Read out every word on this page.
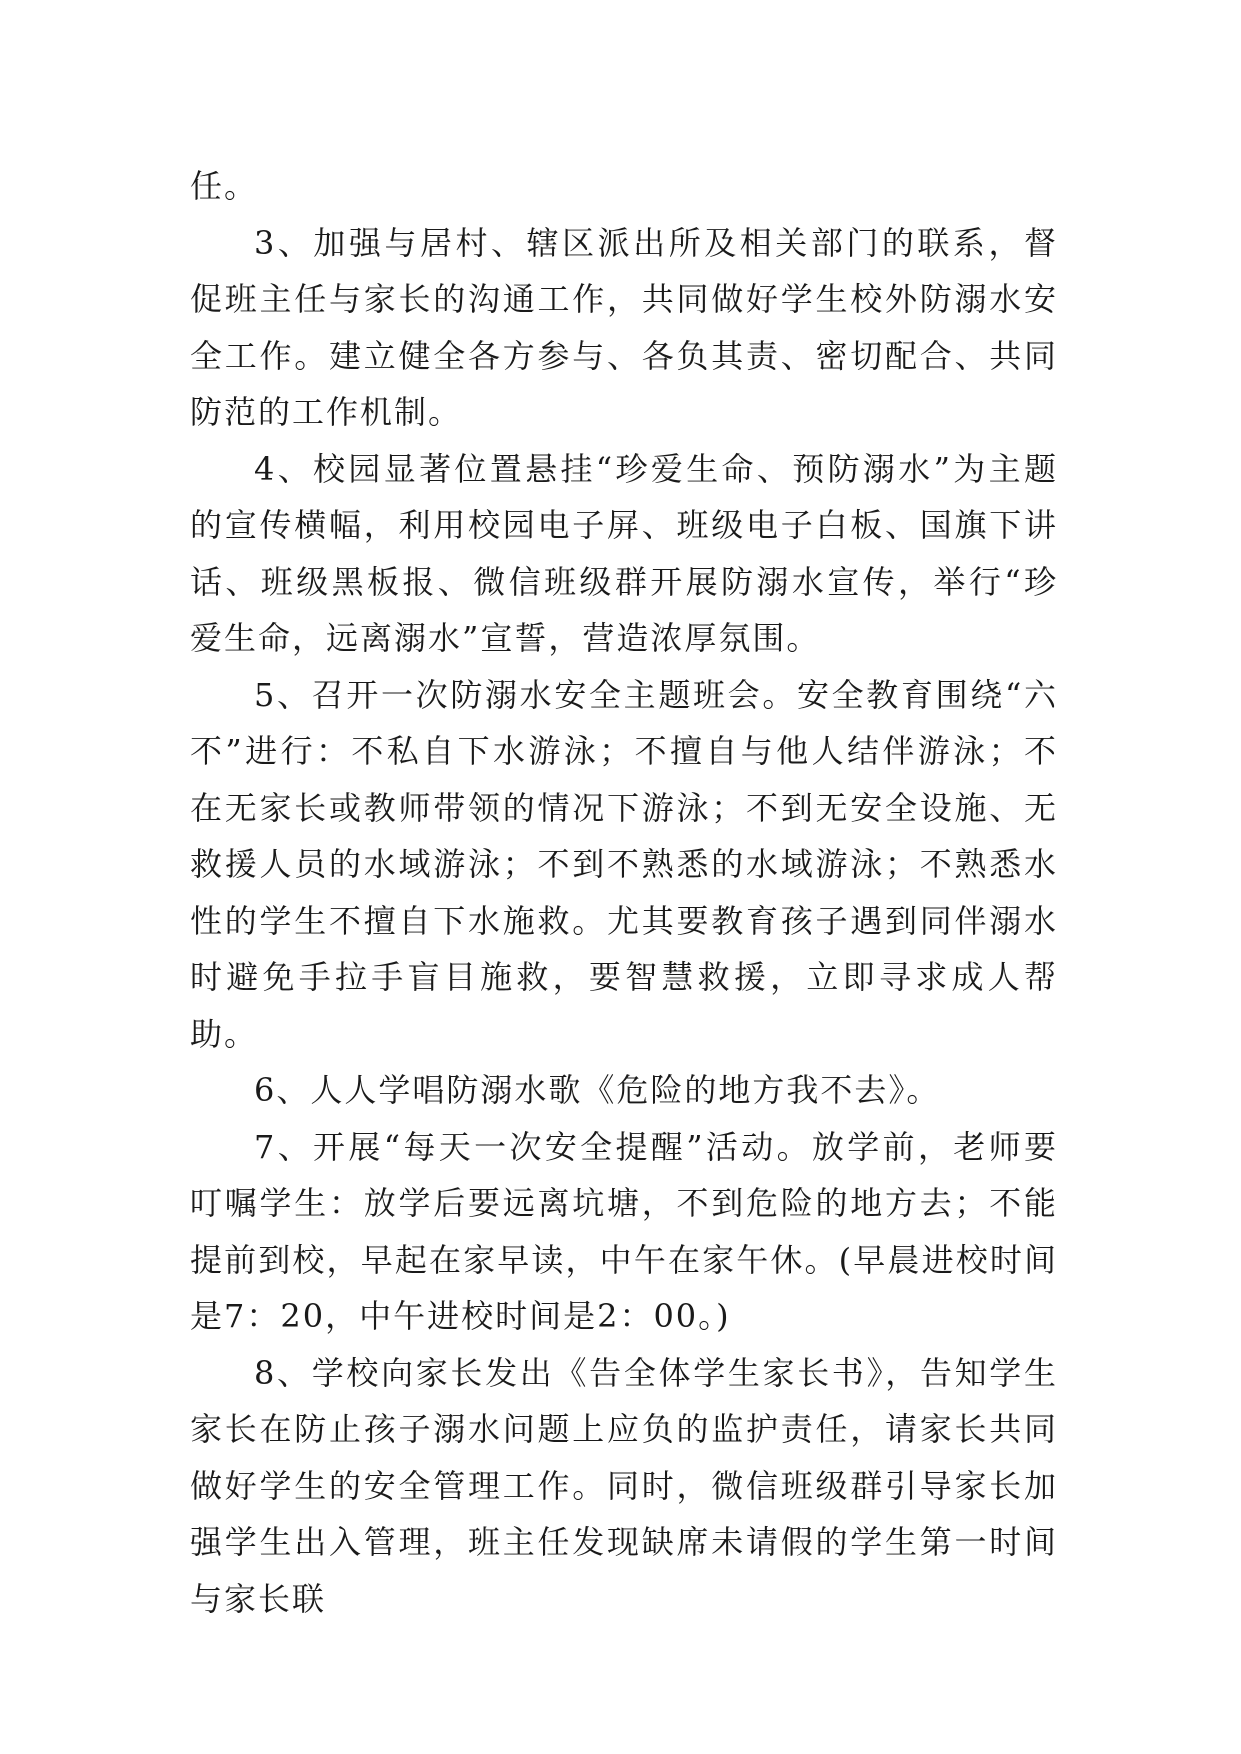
任。

3、加强与居村、辖区派出所及相关部门的联系，督促班主任与家长的沟通工作，共同做好学生校外防溺水安全工作。建立健全各方参与、各负其责、密切配合、共同防范的工作机制。

4、校园显著位置悬挂“珍爱生命、预防溺水”为主题的宣传横幅，利用校园电子屏、班级电子白板、国旗下讲话、班级黑板报、微信班级群开展防溺水宣传，举行“珍爱生命，远离溺水”宣誓，营造浓厚氛围。

5、召开一次防溺水安全主题班会。安全教育围绕“六不”进行：不私自下水游泳；不擅自与他人结伴游泳；不在无家长或教师带领的情况下游泳；不到无安全设施、无救援人员的水域游泳；不到不熟悉的水域游泳；不熟悉水性的学生不擅自下水施救。尤其要教育孩子遇到同伴溺水时避免手拉手盲目施救，要智慧救援，立即寻求成人帮助。

6、人人学唱防溺水歌《危险的地方我不去》。

7、开展“每天一次安全提醒”活动。放学前，老师要叮嘱学生：放学后要远离坑塘，不到危险的地方去；不能提前到校，早起在家早读，中午在家午休。(早晨进校时间是7：20，中午进校时间是2：00。)

8、学校向家长发出《告全体学生家长书》，告知学生家长在防止孩子溺水问题上应负的监护责任，请家长共同做好学生的安全管理工作。同时，微信班级群引导家长加强学生出入管理，班主任发现缺席未请假的学生第一时间与家长联
